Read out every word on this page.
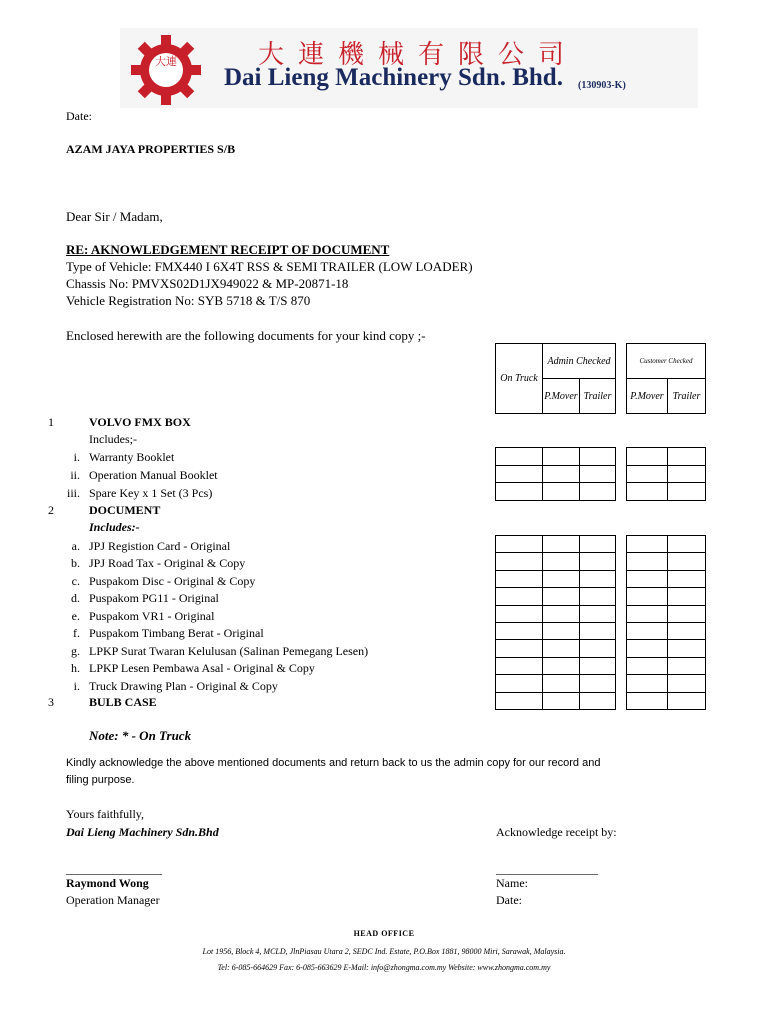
大連	大連機械有限公司
Dai Lieng Machinery Sdn. Bhd. (130903-K)
Date:
AZAM JAYA PROPERTIES S/B
Dear Sir / Madam,
RE: AKNOWLEDGEMENT RECEIPT OF DOCUMENT
Type of Vehicle: FMX440 I 6X4T RSS & SEMI TRAILER (LOW LOADER)
Chassis No: PMVXS02D1JX949022 & MP-20871-18
Vehicle Registration No: SYB 5718 & T/S 870
Enclosed herewith are the following documents for your kind copy ;-
On Truck	Admin Checked	
	P.Mover	Trailer
Customer Checked
P.Mover	Trailer
1	VOLVO FMX BOX
Includes;-
i. Warranty Booklet
ii. Operation Manual Booklet
iii. Spare Key x 1 Set (3 Pcs)

2	DOCUMENT
Includes:-
a. JPJ Registion Card - Original
b. JPJ Road Tax - Original & Copy
c. Puspakom Disc - Original & Copy
d. Puspakom PG11 - Original
e. Puspakom VR1 - Original
f. Puspakom Timbang Berat - Original
g. LPKP Surat Twaran Kelulusan (Salinan Pemegang Lesen)
h. LPKP Lesen Pembawa Asal - Original & Copy
i. Truck Drawing Plan - Original & Copy
3	BULB CASE

Note: * - On Truck
Kindly acknowledge the above mentioned documents and return back to us the admin copy for our record and
filing purpose.
Yours faithfully,
Dai Lieng Machinery Sdn.Bhd	Acknowledge receipt by:
________________	_________________
Raymond Wong
Operation Manager
Name:
Date:
HEAD OFFICE
Lot 1956, Block 4, MCLD, JlnPiasau Utara 2, SEDC Ind. Estate, P.O.Box 1881, 98000 Miri, Sarawak, Malaysia.
Tel: 6-085-664629 Fax: 6-085-663629 E-Mail: info@zhongma.com.my Website: www.zhongma.com.my
